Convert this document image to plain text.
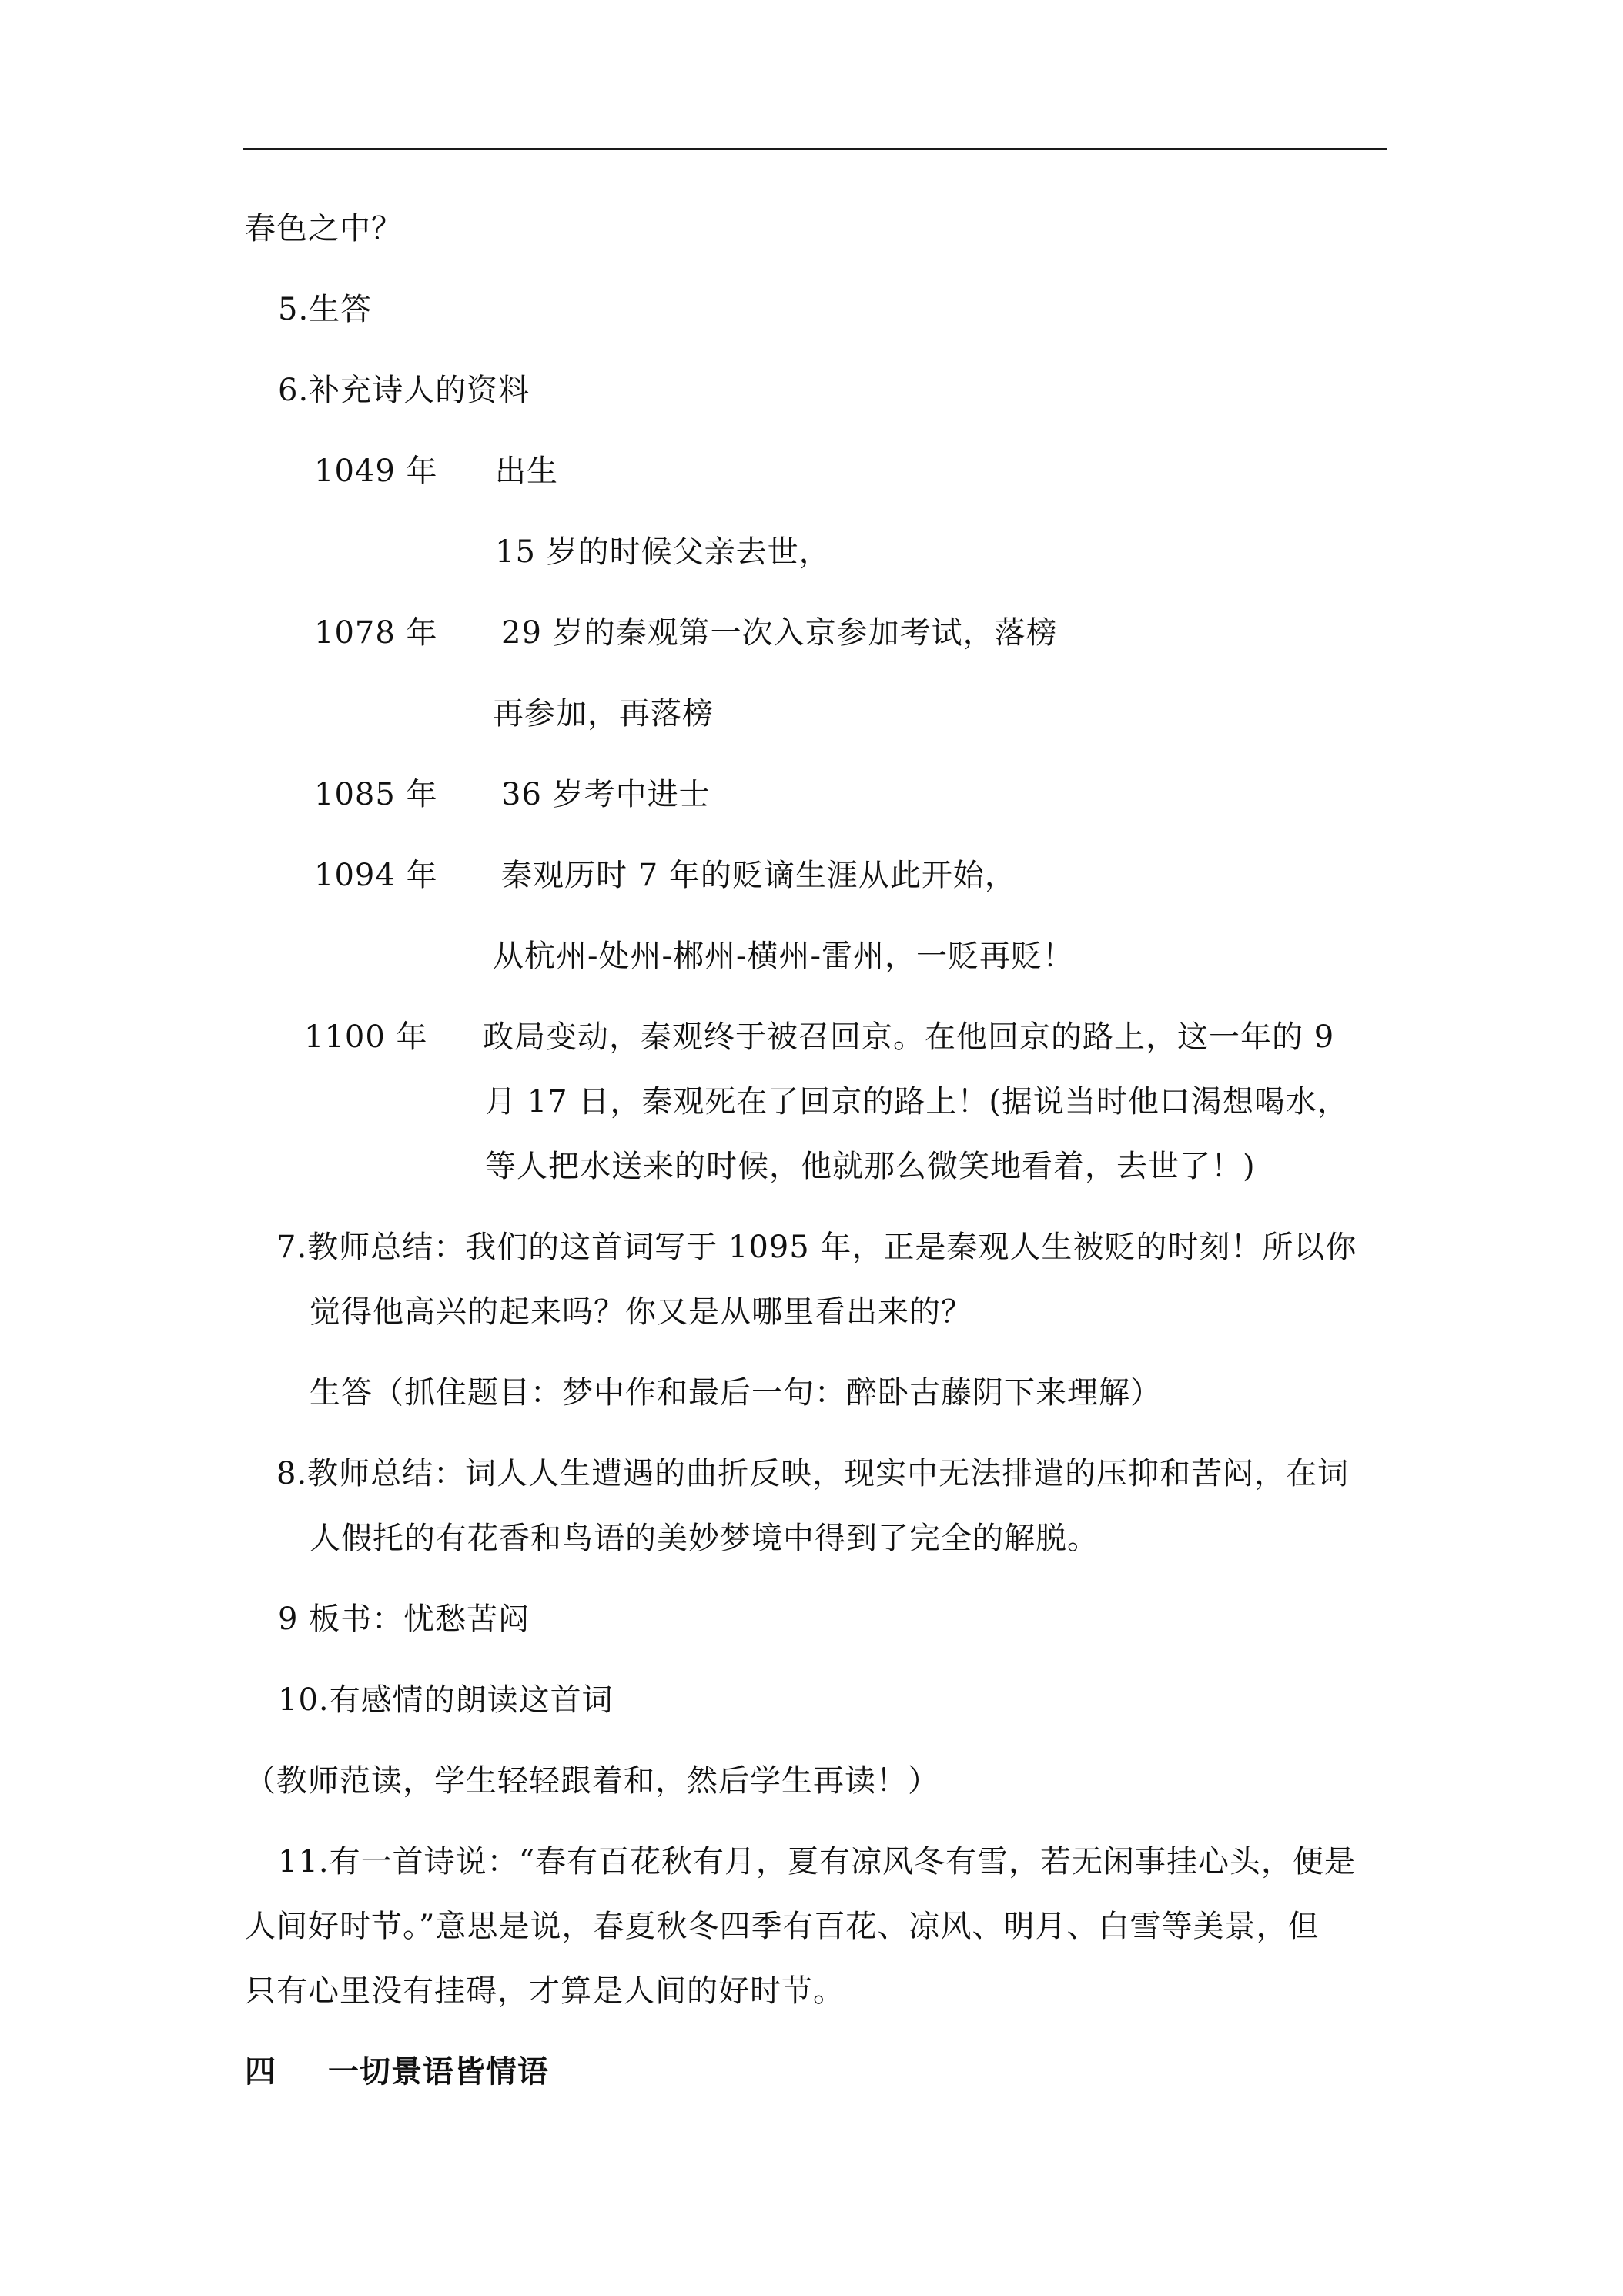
春色之中？
5.生答
6.补充诗人的资料
1049 年 出生
15 岁的时候父亲去世，
1078 年 29 岁的秦观第一次入京参加考试，落榜
再参加，再落榜
1085 年 36 岁考中进士
1094 年 秦观历时 7 年的贬谪生涯从此开始，
从杭州-处州-郴州-横州-雷州，一贬再贬！
1100 年 政局变动，秦观终于被召回京。在他回京的路上，这一年的 9
月 17 日，秦观死在了回京的路上！(据说当时他口渴想喝水，
等人把水送来的时候，他就那么微笑地看着，去世了！)
7.教师总结：我们的这首词写于 1095 年，正是秦观人生被贬的时刻！所以你
觉得他高兴的起来吗？你又是从哪里看出来的？
生答（抓住题目：梦中作和最后一句：醉卧古藤阴下来理解）
8.教师总结：词人人生遭遇的曲折反映，现实中无法排遣的压抑和苦闷，在词
人假托的有花香和鸟语的美妙梦境中得到了完全的解脱。
9 板书：忧愁苦闷
10.有感情的朗读这首词
（教师范读，学生轻轻跟着和，然后学生再读！）
11.有一首诗说：“春有百花秋有月，夏有凉风冬有雪，若无闲事挂心头，便是
人间好时节。”意思是说，春夏秋冬四季有百花、凉风、明月、白雪等美景，但
只有心里没有挂碍，才算是人间的好时节。
四 一切景语皆情语
